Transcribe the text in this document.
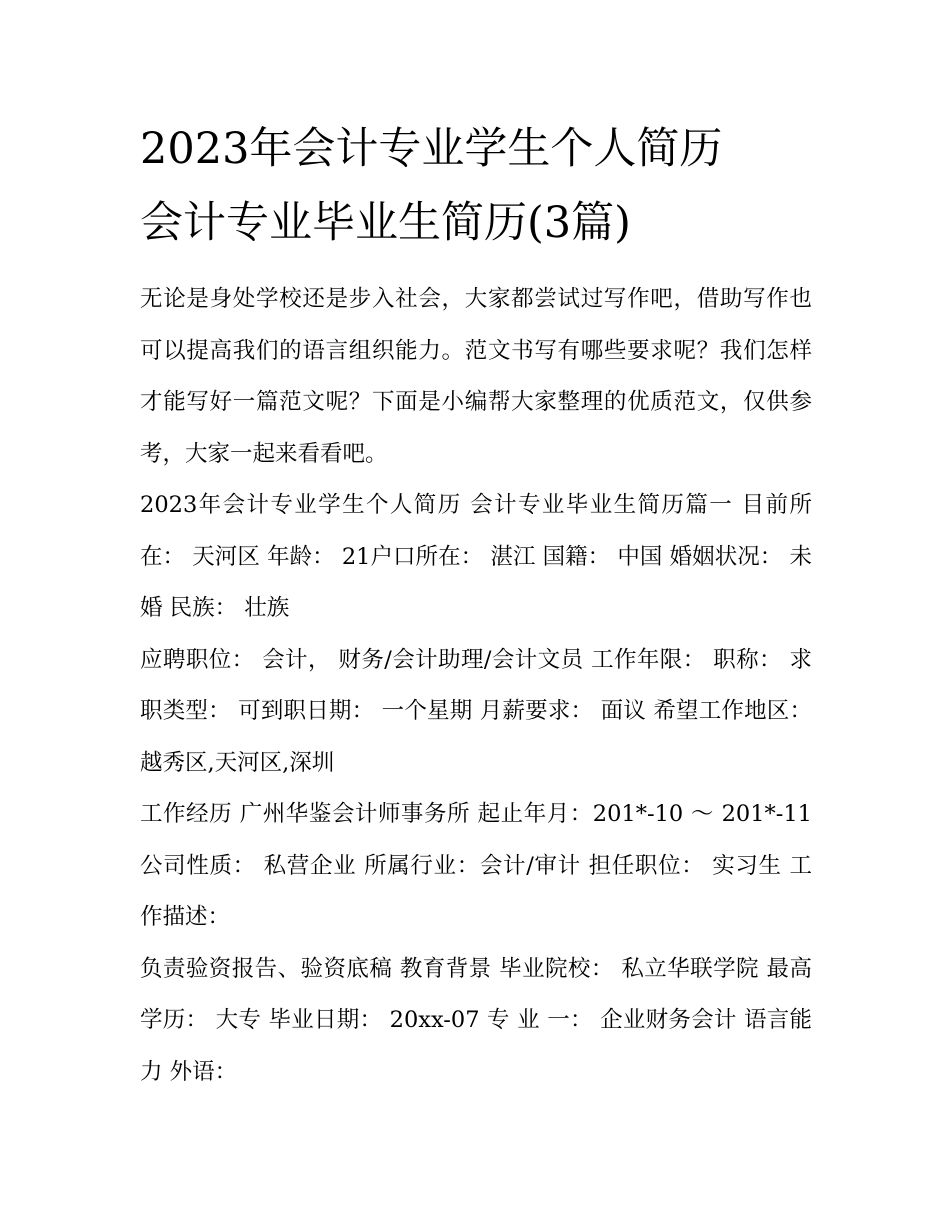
2023年会计专业学生个人简历
会计专业毕业生简历(3篇)

无论是身处学校还是步入社会，大家都尝试过写作吧，借助写作也可以提高我们的语言组织能力。范文书写有哪些要求呢？我们怎样才能写好一篇范文呢？下面是小编帮大家整理的优质范文，仅供参考，大家一起来看看吧。

2023年会计专业学生个人简历 会计专业毕业生简历篇一 目前所在： 天河区 年龄： 21户口所在： 湛江 国籍： 中国 婚姻状况： 未婚 民族： 壮族

应聘职位： 会计， 财务/会计助理/会计文员 工作年限： 职称： 求职类型： 可到职日期： 一个星期 月薪要求： 面议 希望工作地区： 越秀区,天河区,深圳

工作经历 广州华鉴会计师事务所 起止年月：201*-10 ～ 201*-11 公司性质： 私营企业 所属行业：会计/审计 担任职位： 实习生 工作描述：

负责验资报告、验资底稿 教育背景 毕业院校： 私立华联学院 最高学历： 大专 毕业日期： 20xx-07 专 业 一： 企业财务会计 语言能力 外语：
